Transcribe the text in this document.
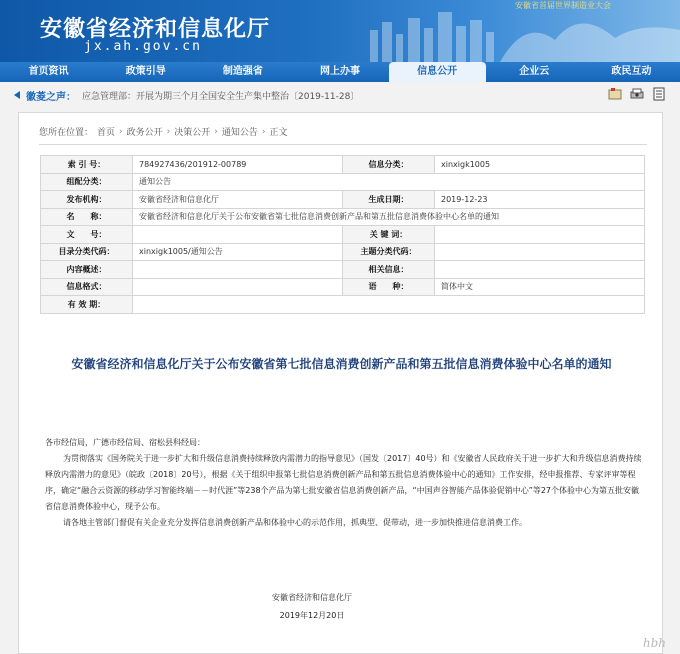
安徽省经济和信息化厅
jx.ah.gov.cn
安徽省首届世界制造业大会
首页资讯	政策引导	制造强省	网上办事	信息公开	企业云	政民互动
徽菱之声： 应急管理部：开展为期三个月全国安全生产集中整治〔2019-11-28〕
您所在位置： 首页 › 政务公开 › 决策公开 › 通知公告 › 正文
索 引 号：	784927436/201912-00789	信息分类：	xinxigk1005
组配分类：	通知公告		
发布机构：	安徽省经济和信息化厅	生成日期：	2019-12-23
名　　称：	安徽省经济和信息化厅关于公布安徽省第七批信息消费创新产品和第五批信息消费体验中心名单的通知		
文　　号：		关 键 词：	
目录分类代码：	xinxigk1005/通知公告	主题分类代码：	
内容概述：		相关信息：	
信息格式：		语　　种：	简体中文
有 效 期：			
安徽省经济和信息化厅关于公布安徽省第七批信息消费创新产品和第五批信息消费体验中心名单的通知

各市经信局，广德市经信局、宿松县科经局：

为贯彻落实《国务院关于进一步扩大和升级信息消费持续释放内需潜力的指导意见》（国发〔2017〕40号）和《安徽省人民政府关于进一步扩大和升级信息消费持续释放内需潜力的意见》（皖政〔2018〕20号），根据《关于组织申报第七批信息消费创新产品和第五批信息消费体验中心的通知》工作安排，经申报推荐、专家评审等程序，确定“融合云资源的移动学习智能终端－－时代涯”等238个产品为第七批安徽省信息消费创新产品，“中国声谷智能产品体验促销中心”等27个体验中心为第五批安徽省信息消费体验中心，现予公布。

请各地主管部门督促有关企业充分发挥信息消费创新产品和体验中心的示范作用，抓典型、促带动，进一步加快推进信息消费工作。

安徽省经济和信息化厅
2019年12月20日
hbh
